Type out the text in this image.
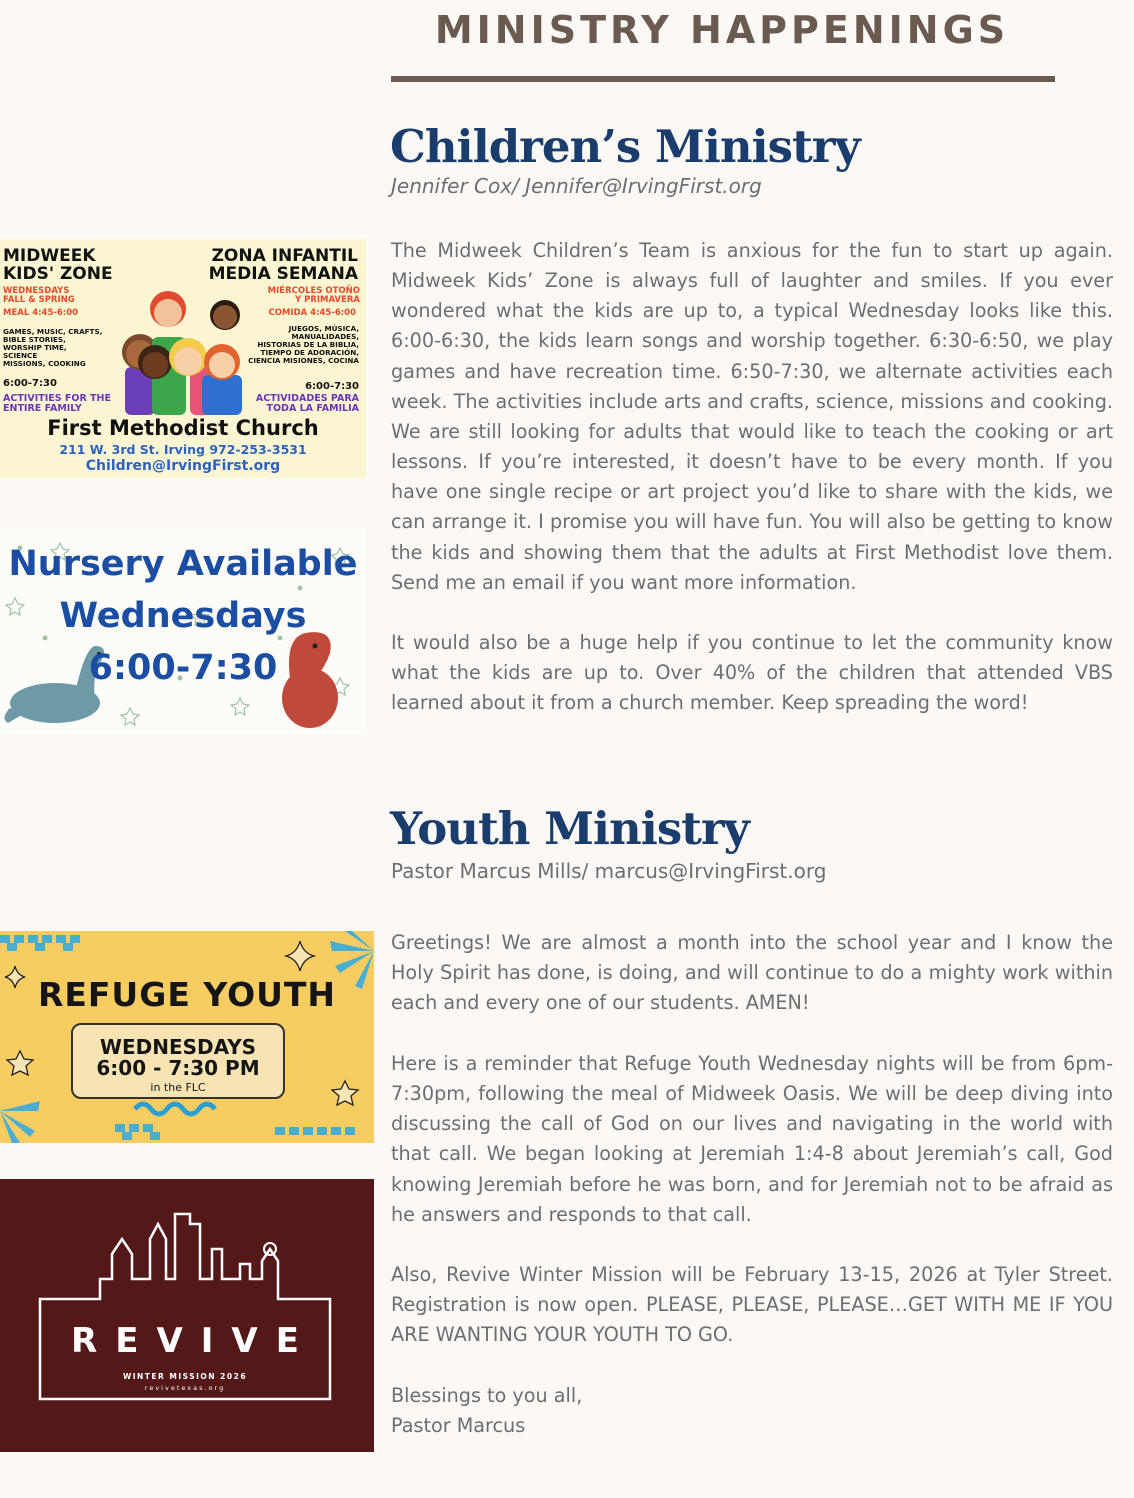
MINISTRY HAPPENINGS
Children’s Ministry
Jennifer Cox/ Jennifer@IrvingFirst.org

The Midweek Children’s Team is anxious for the fun to start up again. Midweek Kids’ Zone is always full of laughter and smiles. If you ever wondered what the kids are up to, a typical Wednesday looks like this. 6:00-6:30, the kids learn songs and worship together. 6:30-6:50, we play games and have recreation time. 6:50-7:30, we alternate activities each week. The activities include arts and crafts, science, missions and cooking. We are still looking for adults that would like to teach the cooking or art lessons. If you’re interested, it doesn’t have to be every month. If you have one single recipe or art project you’d like to share with the kids, we can arrange it. I promise you will have fun. You will also be getting to know the kids and showing them that the adults at First Methodist love them. Send me an email if you want more information.

It would also be a huge help if you continue to let the community know what the kids are up to. Over 40% of the children that attended VBS learned about it from a church member. Keep spreading the word!

Youth Ministry
Pastor Marcus Mills/ marcus@IrvingFirst.org

Greetings! We are almost a month into the school year and I know the Holy Spirit has done, is doing, and will continue to do a mighty work within each and every one of our students. AMEN!

Here is a reminder that Refuge Youth Wednesday nights will be from 6pm-7:30pm, following the meal of Midweek Oasis. We will be deep diving into discussing the call of God on our lives and navigating in the world with that call. We began looking at Jeremiah 1:4-8 about Jeremiah’s call, God knowing Jeremiah before he was born, and for Jeremiah not to be afraid as he answers and responds to that call.

Also, Revive Winter Mission will be February 13-15, 2026 at Tyler Street. Registration is now open. PLEASE, PLEASE, PLEASE…GET WITH ME IF YOU ARE WANTING YOUR YOUTH TO GO.

Blessings to you all,
Pastor Marcus

MIDWEEK
KIDS' ZONE
ZONA INFANTIL
MEDIA SEMANA
WEDNESDAYS
FALL & SPRING
MEAL 4:45-6:00
MIÉRCOLES OTOÑO
Y PRIMAVERA
COMIDA 4:45-6:00
GAMES, MUSIC, CRAFTS,
BIBLE STORIES,
WORSHIP TIME,
SCIENCE
MISSIONS, COOKING
JUEGOS, MÚSICA,
MANUALIDADES,
HISTORIAS DE LA BIBLIA,
TIEMPO DE ADORACIÓN,
CIENCIA MISIONES, COCINA
6:00-7:30	6:00-7:30
ACTIVITIES FOR THE
ENTIRE FAMILY
ACTIVIDADES PARA
TODA LA FAMILIA
First Methodist Church
211 W. 3rd St. Irving 972-253-3531
Children@IrvingFirst.org
Nursery Available
Wednesdays
6:00-7:30
REFUGE YOUTH
WEDNESDAYS
6:00 - 7:30 PM
in the FLC
REVIVE
WINTER MISSION 2026
revivetexas.org
